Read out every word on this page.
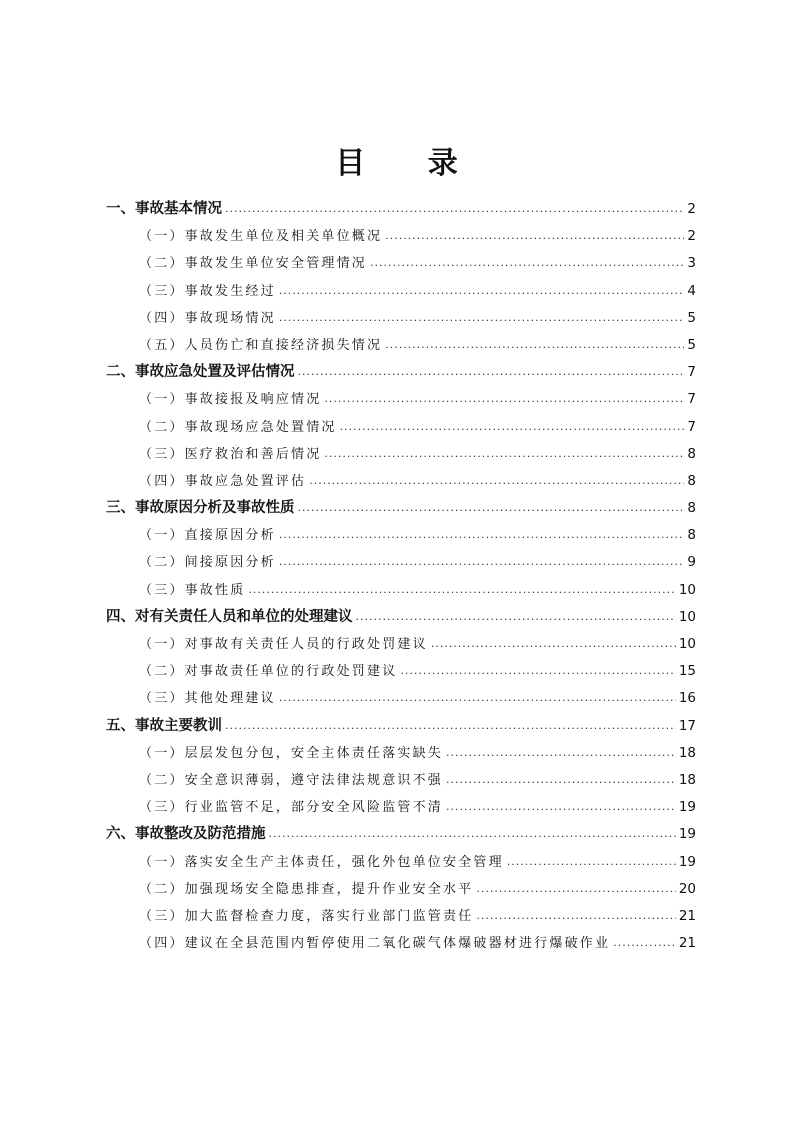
目 录
一、事故基本情况 .....	2
（一）事故发生单位及相关单位概况 .....	2
（二）事故发生单位安全管理情况 .....	3
（三）事故发生经过 .....	4
（四）事故现场情况 .....	5
（五）人员伤亡和直接经济损失情况 .....	5
二、事故应急处置及评估情况 .....	7
（一）事故接报及响应情况 .....	7
（二）事故现场应急处置情况 .....	7
（三）医疗救治和善后情况 .....	8
（四）事故应急处置评估 .....	8
三、事故原因分析及事故性质 .....	8
（一）直接原因分析 .....	8
（二）间接原因分析 .....	9
（三）事故性质 .....	10
四、对有关责任人员和单位的处理建议 .....	10
（一）对事故有关责任人员的行政处罚建议 .....	10
（二）对事故责任单位的行政处罚建议 .....	15
（三）其他处理建议 .....	16
五、事故主要教训 .....	17
（一）层层发包分包，安全主体责任落实缺失 .....	18
（二）安全意识薄弱，遵守法律法规意识不强 .....	18
（三）行业监管不足，部分安全风险监管不清 .....	19
六、事故整改及防范措施 .....	19
（一）落实安全生产主体责任，强化外包单位安全管理 .....	19
（二）加强现场安全隐患排查，提升作业安全水平 .....	20
（三）加大监督检查力度，落实行业部门监管责任 .....	21
（四）建议在全县范围内暂停使用二氧化碳气体爆破器材进行爆破作业 .....	21
